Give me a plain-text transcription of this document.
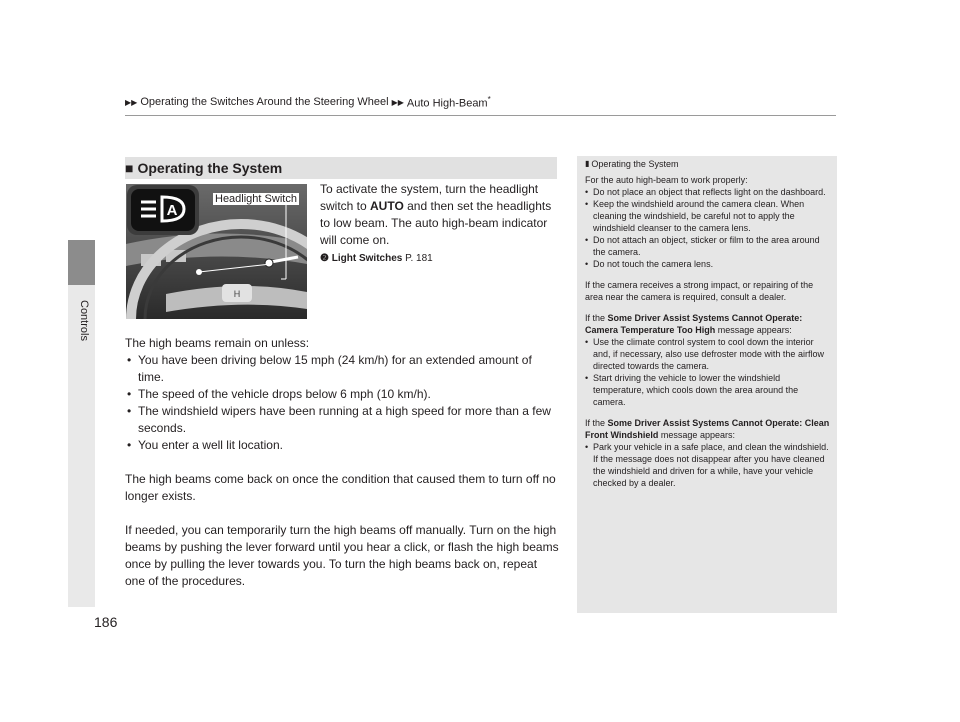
Controls
▶▶ Operating the Switches Around the Steering Wheel ▶▶ Auto High-Beam*
■ Operating the System
H
A
Headlight Switch
To activate the system, turn the headlight switch to AUTO and then set the headlights to low beam. The auto high-beam indicator will come on.
❷ Light Switches P. 181

The high beams remain on unless:

• You have been driving below 15 mph (24 km/h) for an extended amount of time.
• The speed of the vehicle drops below 6 mph (10 km/h).
• The windshield wipers have been running at a high speed for more than a few seconds.
• You enter a well lit location.

The high beams come back on once the condition that caused them to turn off no longer exists.

If needed, you can temporarily turn the high beams off manually. Turn on the high beams by pushing the lever forward until you hear a click, or flash the high beams once by pulling the lever towards you. To turn the high beams back on, repeat one of the procedures.

▮ Operating the System

For the auto high-beam to work properly:

• Do not place an object that reflects light on the dashboard.
• Keep the windshield around the camera clean. When cleaning the windshield, be careful not to apply the windshield cleanser to the camera lens.
• Do not attach an object, sticker or film to the area around the camera.
• Do not touch the camera lens.

If the camera receives a strong impact, or repairing of the area near the camera is required, consult a dealer.

If the Some Driver Assist Systems Cannot Operate: Camera Temperature Too High message appears:

• Use the climate control system to cool down the interior and, if necessary, also use defroster mode with the airflow directed towards the camera.
• Start driving the vehicle to lower the windshield temperature, which cools down the area around the camera.

If the Some Driver Assist Systems Cannot Operate: Clean Front Windshield message appears:

• Park your vehicle in a safe place, and clean the windshield. If the message does not disappear after you have cleaned the windshield and driven for a while, have your vehicle checked by a dealer.
186
